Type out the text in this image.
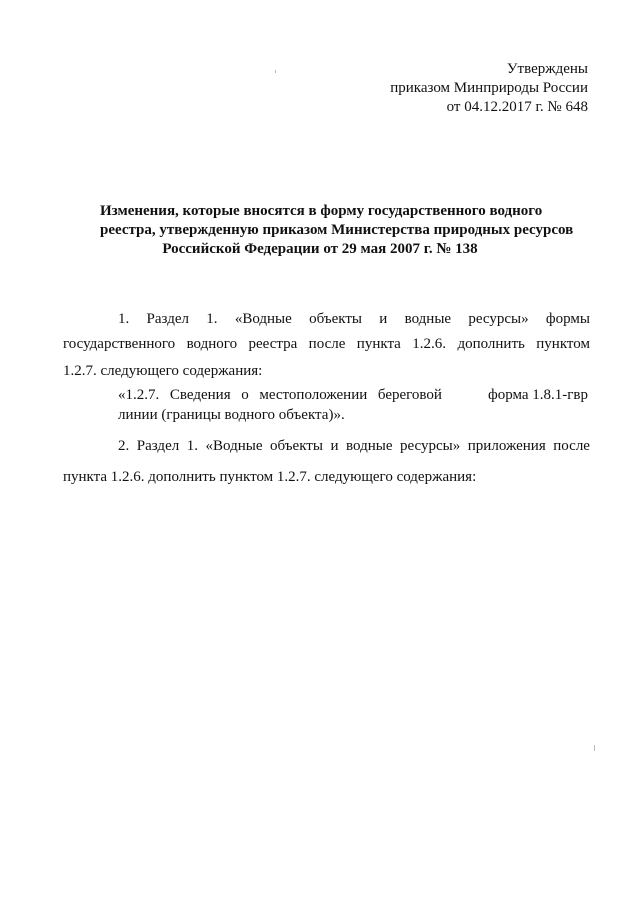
Утверждены
приказом Минприроды России
от 04.12.2017 г. № 648
Изменения, которые вносятся в форму государственного водного
реестра, утвержденную приказом Министерства природных ресурсов
Российской Федерации от 29 мая 2007 г. № 138
1. Раздел 1. «Водные объекты и водные ресурсы» формы
государственного водного реестра после пункта 1.2.6. дополнить пунктом
1.2.7. следующего содержания:
«1.2.7. Сведения о местоположении береговой	форма 1.8.1-гвр
линии (границы водного объекта)».
2. Раздел 1. «Водные объекты и водные ресурсы» приложения после
пункта 1.2.6. дополнить пунктом 1.2.7. следующего содержания:
